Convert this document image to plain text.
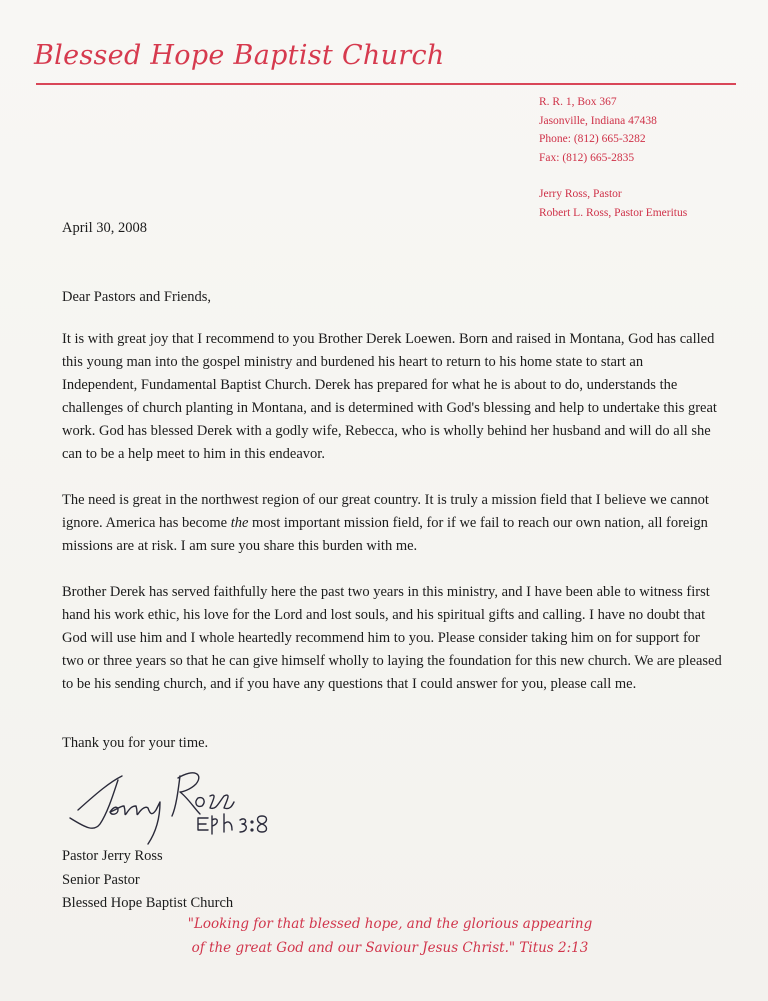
Blessed Hope Baptist Church
R. R. 1, Box 367
Jasonville, Indiana 47438
Phone: (812) 665-3282
Fax: (812) 665-2835
Jerry Ross, Pastor
Robert L. Ross, Pastor Emeritus
April 30, 2008
Dear Pastors and Friends,

It is with great joy that I recommend to you Brother Derek Loewen. Born and raised in Montana, God has called this young man into the gospel ministry and burdened his heart to return to his home state to start an Independent, Fundamental Baptist Church. Derek has prepared for what he is about to do, understands the challenges of church planting in Montana, and is determined with God's blessing and help to undertake this great work. God has blessed Derek with a godly wife, Rebecca, who is wholly behind her husband and will do all she can to be a help meet to him in this endeavor.

The need is great in the northwest region of our great country. It is truly a mission field that I believe we cannot ignore. America has become the most important mission field, for if we fail to reach our own nation, all foreign missions are at risk. I am sure you share this burden with me.

Brother Derek has served faithfully here the past two years in this ministry, and I have been able to witness first hand his work ethic, his love for the Lord and lost souls, and his spiritual gifts and calling. I have no doubt that God will use him and I whole heartedly recommend him to you. Please consider taking him on for support for two or three years so that he can give himself wholly to laying the foundation for this new church. We are pleased to be his sending church, and if you have any questions that I could answer for you, please call me.

Thank you for your time.
Pastor Jerry Ross
Senior Pastor
Blessed Hope Baptist Church
"Looking for that blessed hope, and the glorious appearing
of the great God and our Saviour Jesus Christ." Titus 2:13
